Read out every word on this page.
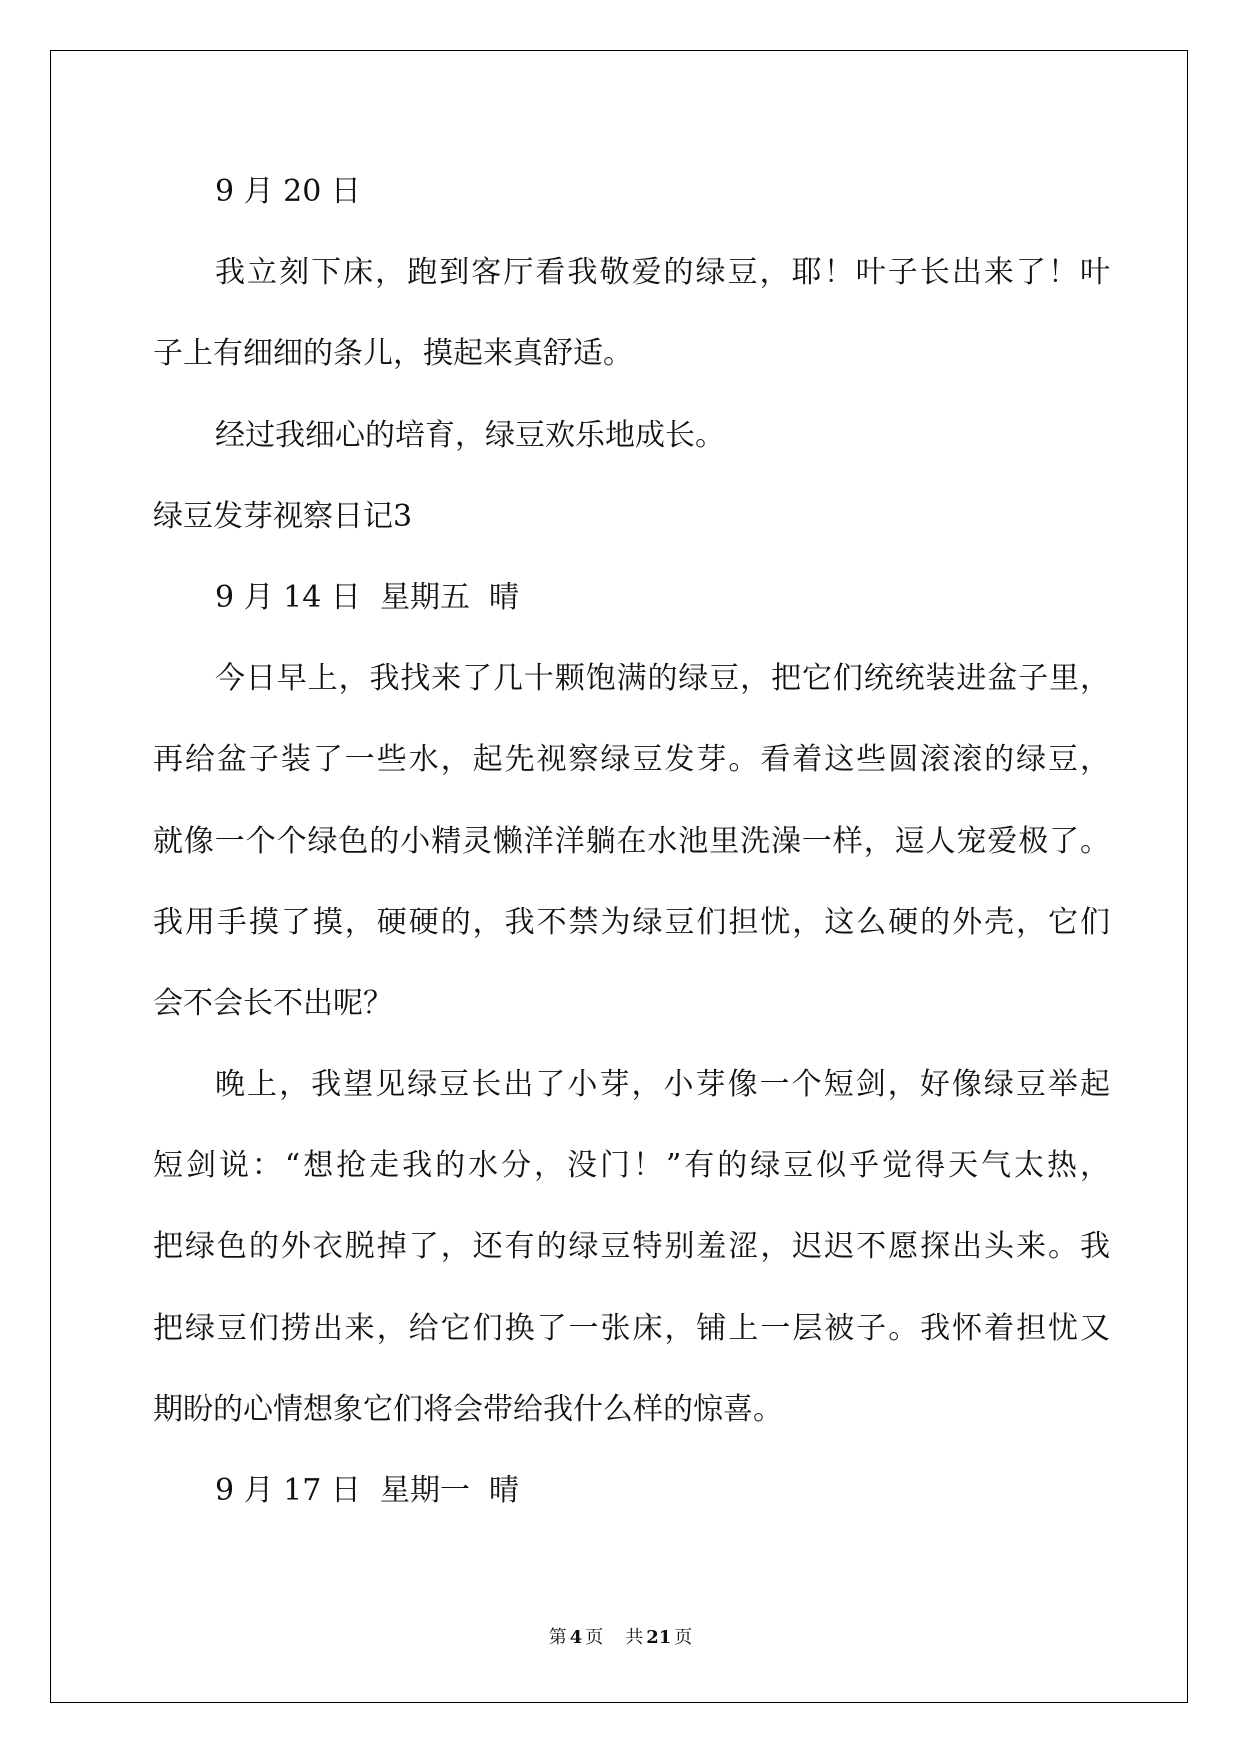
9 月 20 日
我立刻下床，跑到客厅看我敬爱的绿豆，耶！叶子长出来了！叶
子上有细细的条儿，摸起来真舒适。
经过我细心的培育，绿豆欢乐地成长。
绿豆发芽视察日记3
9 月 14 日  星期五  晴
今日早上，我找来了几十颗饱满的绿豆，把它们统统装进盆子里，
再给盆子装了一些水，起先视察绿豆发芽。看着这些圆滚滚的绿豆，
就像一个个绿色的小精灵懒洋洋躺在水池里洗澡一样，逗人宠爱极了。
我用手摸了摸，硬硬的，我不禁为绿豆们担忧，这么硬的外壳，它们
会不会长不出呢？
晚上，我望见绿豆长出了小芽，小芽像一个短剑，好像绿豆举起
短剑说：“想抢走我的水分，没门！”有的绿豆似乎觉得天气太热，
把绿色的外衣脱掉了，还有的绿豆特别羞涩，迟迟不愿探出头来。我
把绿豆们捞出来，给它们换了一张床，铺上一层被子。我怀着担忧又
期盼的心情想象它们将会带给我什么样的惊喜。
9 月 17 日  星期一  晴
第 4 页 共 21 页
